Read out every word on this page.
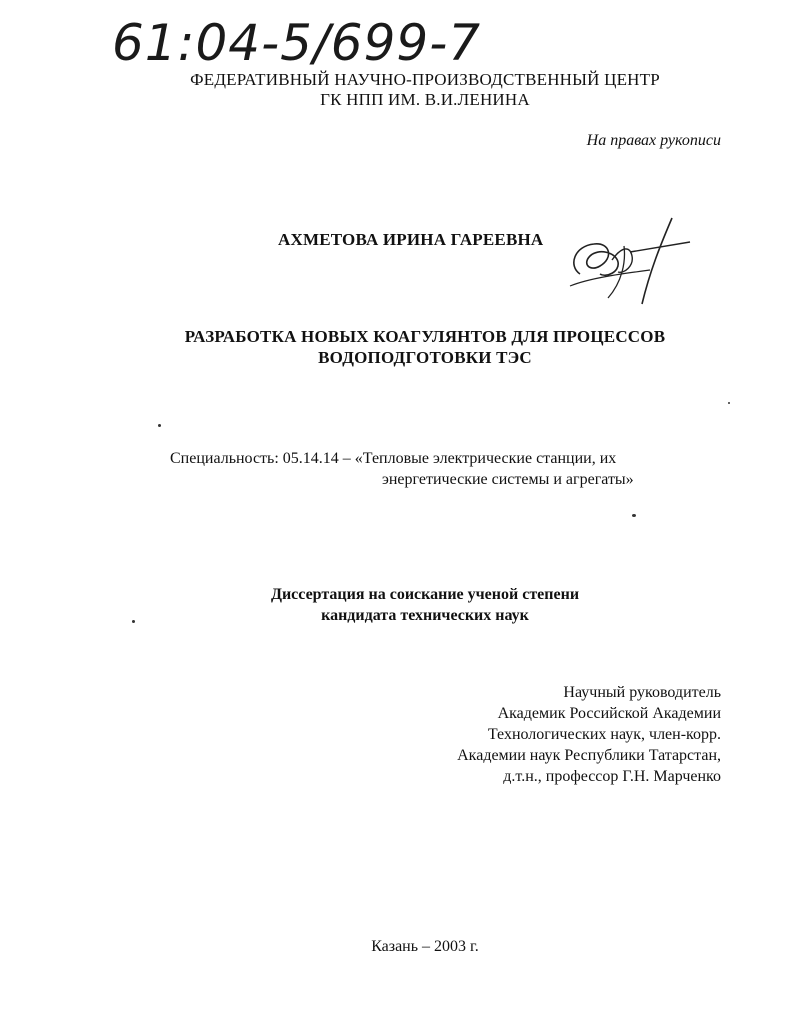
61:04-5/699-7
ФЕДЕРАТИВНЫЙ НАУЧНО-ПРОИЗВОДСТВЕННЫЙ ЦЕНТР
ГК НПП ИМ. В.И.ЛЕНИНА
На правах рукописи
АХМЕТОВА ИРИНА ГАРЕЕВНА
РАЗРАБОТКА НОВЫХ КОАГУЛЯНТОВ ДЛЯ ПРОЦЕССОВ
ВОДОПОДГОТОВКИ ТЭС
Специальность: 05.14.14 – «Тепловые электрические станции, их
энергетические системы и агрегаты»
Диссертация на соискание ученой степени
кандидата технических наук
Научный руководитель
Академик Российской Академии
Технологических наук, член-корр.
Академии наук Республики Татарстан,
д.т.н., профессор Г.Н. Марченко
Казань – 2003 г.
